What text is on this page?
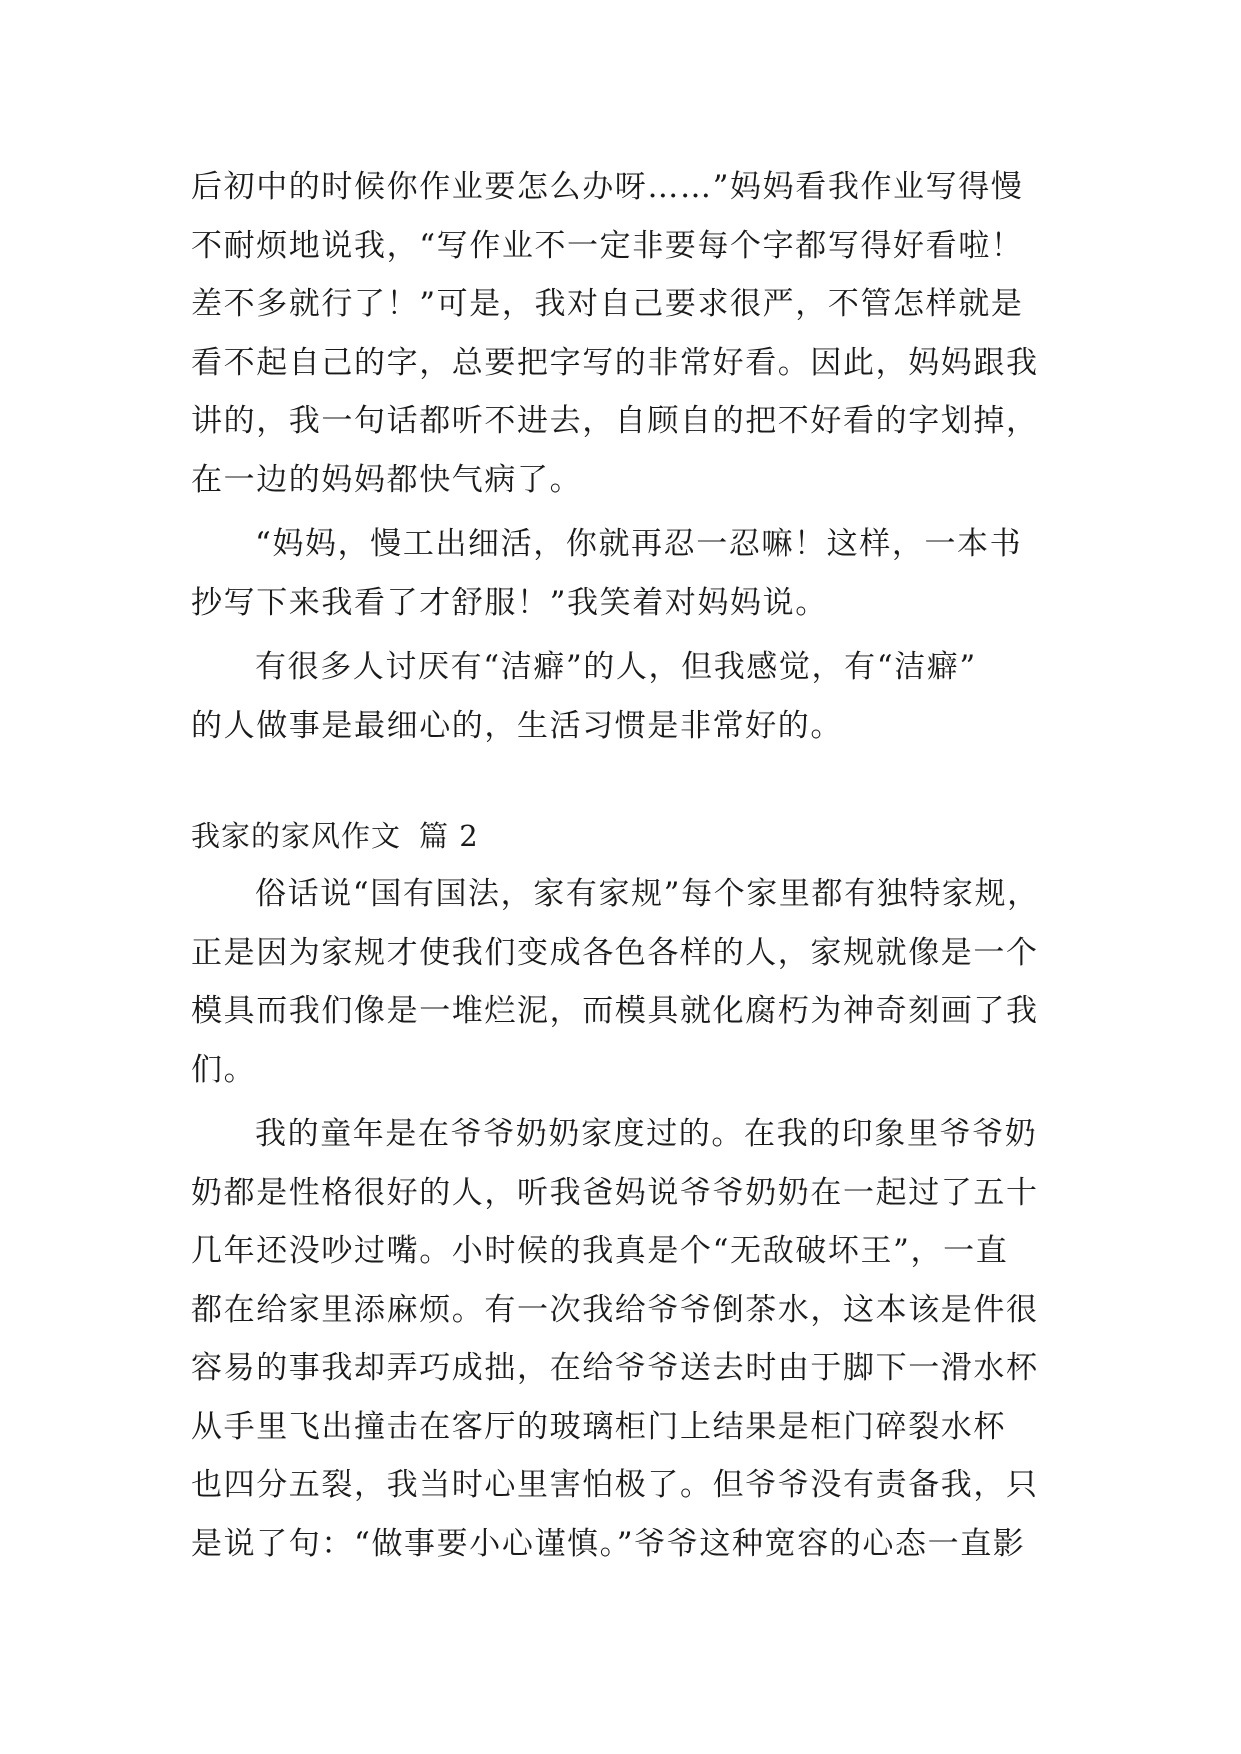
后初中的时候你作业要怎么办呀……”妈妈看我作业写得慢
不耐烦地说我，“写作业不一定非要每个字都写得好看啦！
差不多就行了！”可是，我对自己要求很严，不管怎样就是
看不起自己的字，总要把字写的非常好看。因此，妈妈跟我
讲的，我一句话都听不进去，自顾自的把不好看的字划掉，
在一边的妈妈都快气病了。
“妈妈，慢工出细活，你就再忍一忍嘛！这样，一本书
抄写下来我看了才舒服！”我笑着对妈妈说。
有很多人讨厌有“洁癖”的人，但我感觉，有“洁癖”
的人做事是最细心的，生活习惯是非常好的。
我家的家风作文 篇 2
俗话说“国有国法，家有家规”每个家里都有独特家规，
正是因为家规才使我们变成各色各样的人，家规就像是一个
模具而我们像是一堆烂泥，而模具就化腐朽为神奇刻画了我
们。
我的童年是在爷爷奶奶家度过的。在我的印象里爷爷奶
奶都是性格很好的人，听我爸妈说爷爷奶奶在一起过了五十
几年还没吵过嘴。小时候的我真是个“无敌破坏王”，一直
都在给家里添麻烦。有一次我给爷爷倒茶水，这本该是件很
容易的事我却弄巧成拙，在给爷爷送去时由于脚下一滑水杯
从手里飞出撞击在客厅的玻璃柜门上结果是柜门碎裂水杯
也四分五裂，我当时心里害怕极了。但爷爷没有责备我，只
是说了句：“做事要小心谨慎。”爷爷这种宽容的心态一直影
